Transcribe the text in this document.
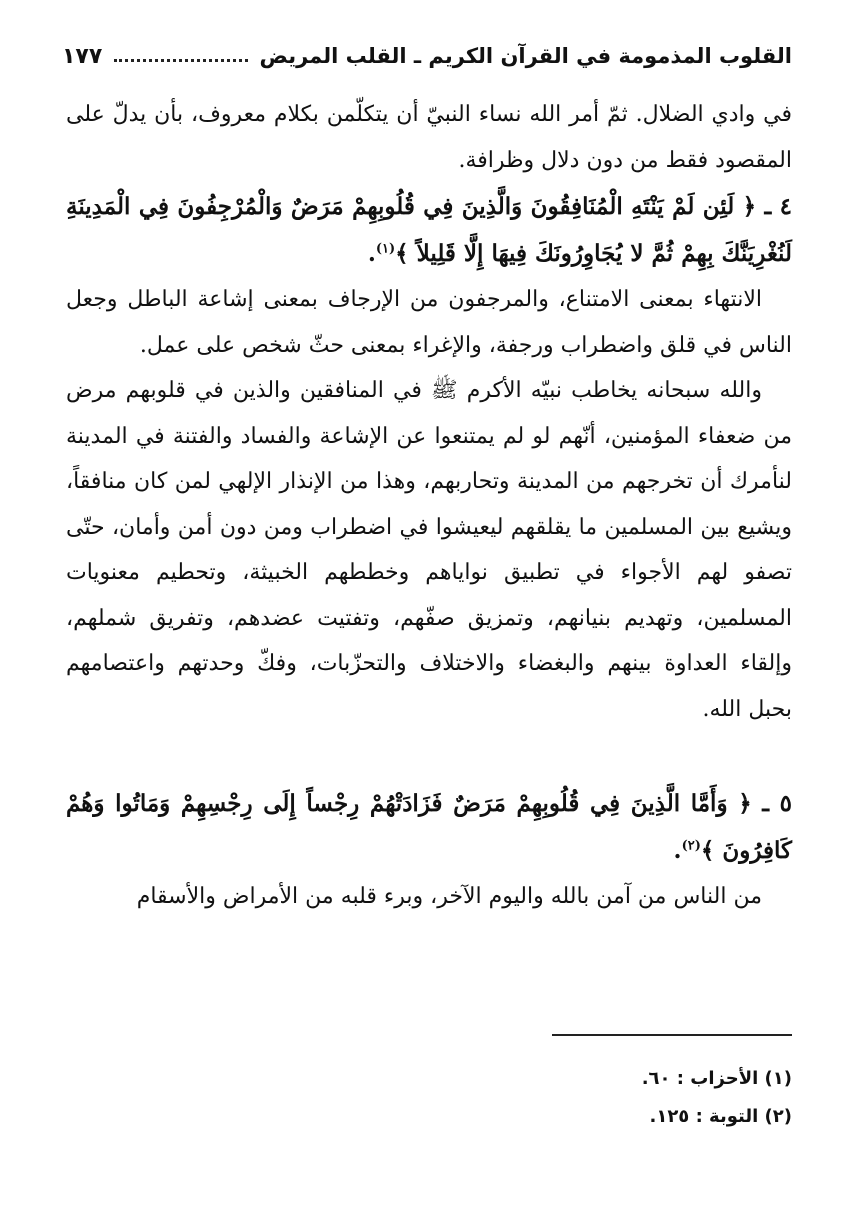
القلوب المذمومة في القرآن الكريم ـ القلب المريض
١٧٧

في وادي الضلال. ثمّ أمر الله نساء النبيّ أن يتكلّمن بكلام معروف، بأن يدلّ على المقصود فقط من دون دلال وظرافة.

٤ ـ ﴿ لَئِن لَمْ يَنْتَهِ الْمُنَافِقُونَ وَالَّذِينَ فِي قُلُوبِهِمْ مَرَضٌ وَالْمُرْجِفُونَ فِي الْمَدِينَةِ لَنُغْرِيَنَّكَ بِهِمْ ثُمَّ لا يُجَاوِرُونَكَ فِيهَا إِلَّا قَلِيلاً ﴾$^{(١)}$.

الانتهاء بمعنى الامتناع، والمرجفون من الإرجاف بمعنى إشاعة الباطل وجعل الناس في قلق واضطراب ورجفة، والإغراء بمعنى حثّ شخص على عمل.

والله سبحانه يخاطب نبيّه الأكرم ﷺ في المنافقين والذين في قلوبهم مرض من ضعفاء المؤمنين، أنّهم لو لم يمتنعوا عن الإشاعة والفساد والفتنة في المدينة لنأمرك أن تخرجهم من المدينة وتحاربهم، وهذا من الإنذار الإلهي لمن كان منافقاً، ويشيع بين المسلمين ما يقلقهم ليعيشوا في اضطراب ومن دون أمن وأمان، حتّى تصفو لهم الأجواء في تطبيق نواياهم وخططهم الخبيثة، وتحطيم معنويات المسلمين، وتهديم بنيانهم، وتمزيق صفّهم، وتفتيت عضدهم، وتفريق شملهم، وإلقاء العداوة بينهم والبغضاء والاختلاف والتحزّبات، وفكّ وحدتهم واعتصامهم بحبل الله.

٥ ـ ﴿ وَأَمَّا الَّذِينَ فِي قُلُوبِهِمْ مَرَضٌ فَزَادَتْهُمْ رِجْساً إِلَى رِجْسِهِمْ وَمَاتُوا وَهُمْ كَافِرُونَ ﴾$^{(٢)}$.

من الناس من آمن بالله واليوم الآخر، وبرء قلبه من الأمراض والأسقام

(١) الأحزاب : ٦٠.

(٢) التوبة : ١٢٥.
